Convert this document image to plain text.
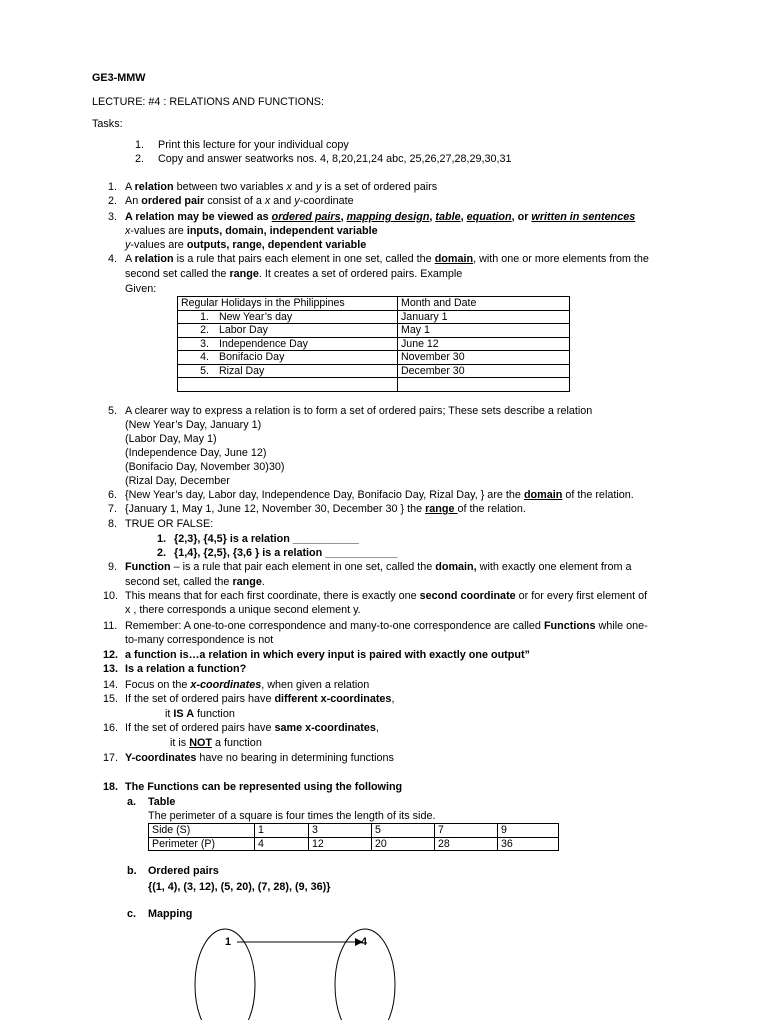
GE3-MMW
LECTURE: #4 : RELATIONS AND FUNCTIONS:
Tasks:
1. Print this lecture for your individual copy
2. Copy and answer seatworks nos. 4, 8,20,21,24 abc, 25,26,27,28,29,30,31
1. A relation between two variables x and y is a set of ordered pairs
2. An ordered pair consist of a x and y-coordinate
3. A relation may be viewed as ordered pairs, mapping design, table, equation, or written in sentences
x-values are inputs, domain, independent variable
y-values are outputs, range, dependent variable
4. A relation is a rule that pairs each element in one set, called the domain, with one or more elements from the
second set called the range. It creates a set of ordered pairs. Example
Given:
Regular Holidays in the Philippines	Month and Date
1. New Year’s day	January 1
2. Labor Day	May 1
3. Independence Day	June 12
4. Bonifacio Day	November 30
5. Rizal Day	December 30

5. A clearer way to express a relation is to form a set of ordered pairs; These sets describe a relation
(New Year’s Day, January 1)
(Labor Day, May 1)
(Independence Day, June 12)
(Bonifacio Day, November 30)30)
(Rizal Day, December
6. {New Year’s day, Labor day, Independence Day, Bonifacio Day, Rizal Day, } are the domain of the relation.
7. {January 1, May 1, June 12, November 30, December 30 } the range of the relation.
8. TRUE OR FALSE:
1. {2,3}, {4,5} is a relation ___________
2. {1,4}, {2,5}, {3,6 } is a relation ____________
9. Function – is a rule that pair each element in one set, called the domain, with exactly one element from a
second set, called the range.
10. This means that for each first coordinate, there is exactly one second coordinate or for every first element of
x , there corresponds a unique second element y.
11. Remember: A one-to-one correspondence and many-to-one correspondence are called Functions while one-
to-many correspondence is not
12. a function is…a relation in which every input is paired with exactly one output”
13. Is a relation a function?
14. Focus on the x-coordinates, when given a relation
15. If the set of ordered pairs have different x-coordinates,
it IS A function
16. If the set of ordered pairs have same x-coordinates,
it is NOT a function
17. Y-coordinates have no bearing in determining functions
18. The Functions can be represented using the following
a. Table
The perimeter of a square is four times the length of its side.
Side (S)	1	3	5	7	9
Perimeter (P)	4	12	20	28	36
b. Ordered pairs
{(1, 4), (3, 12), (5, 20), (7, 28), (9, 36)}
c. Mapping
1	4
